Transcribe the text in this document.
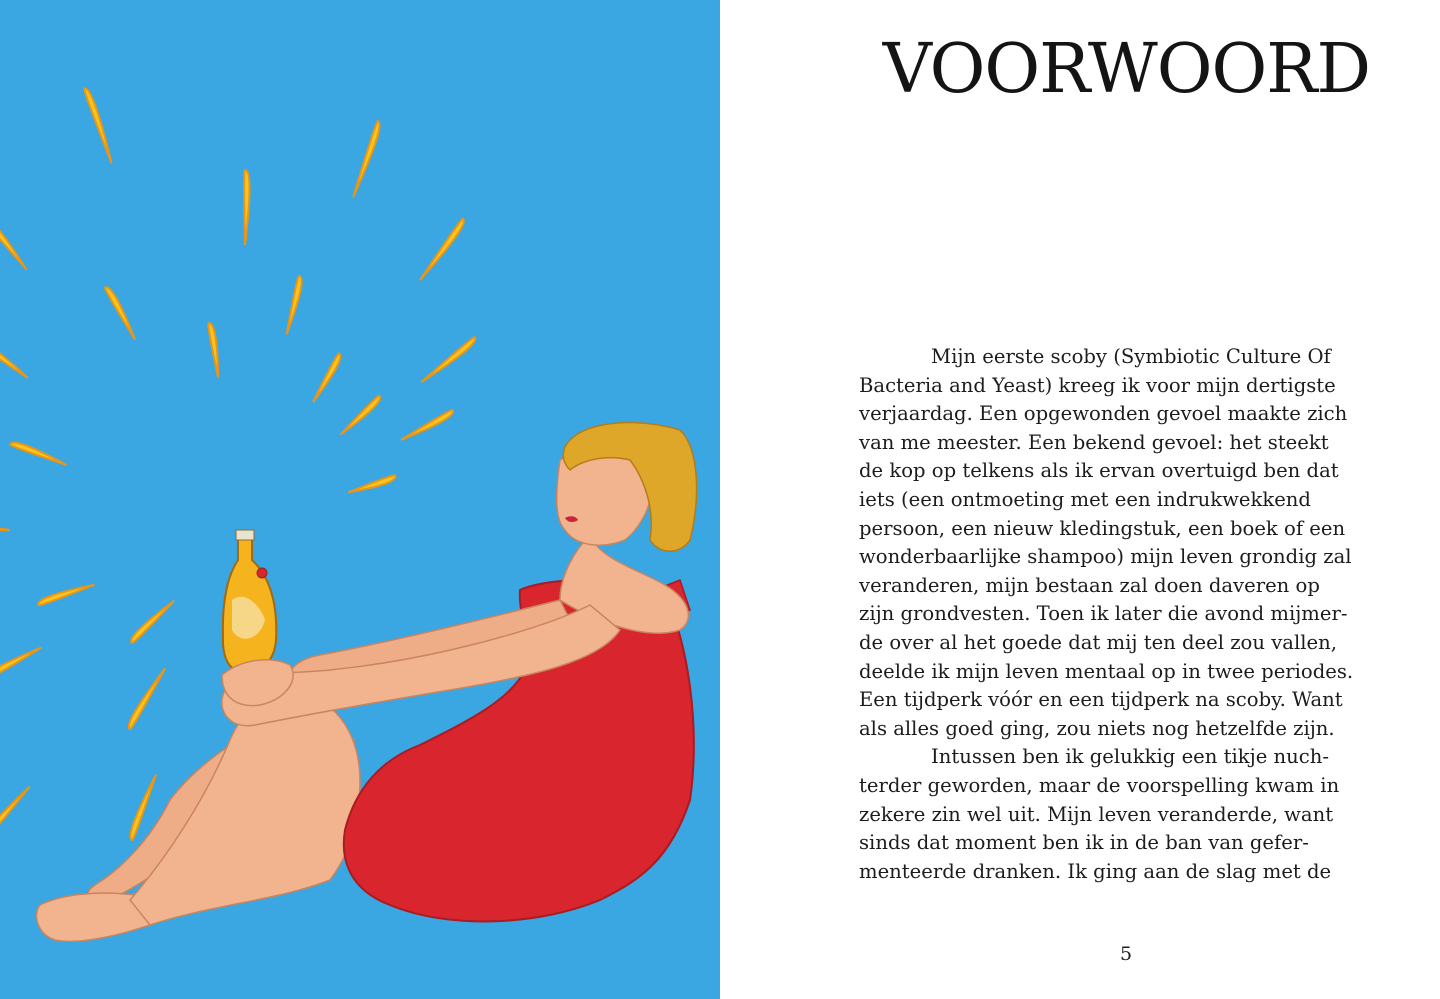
VOORWOORD
Mijn eerste scoby (Symbiotic Culture Of
Bacteria and Yeast) kreeg ik voor mijn dertigste
verjaardag. Een opgewonden gevoel maakte zich
van me meester. Een bekend gevoel: het steekt
de kop op telkens als ik ervan overtuigd ben dat
iets (een ontmoeting met een indrukwekkend
persoon, een nieuw kledingstuk, een boek of een
wonderbaarlijke shampoo) mijn leven grondig zal
veranderen, mijn bestaan zal doen daveren op
zijn grondvesten. Toen ik later die avond mijmer-
de over al het goede dat mij ten deel zou vallen,
deelde ik mijn leven mentaal op in twee periodes.
Een tijdperk vóór en een tijdperk na scoby. Want
als alles goed ging, zou niets nog hetzelfde zijn.
Intussen ben ik gelukkig een tikje nuch-
terder geworden, maar de voorspelling kwam in
zekere zin wel uit. Mijn leven veranderde, want
sinds dat moment ben ik in de ban van gefer-
menteerde dranken. Ik ging aan de slag met de
5
